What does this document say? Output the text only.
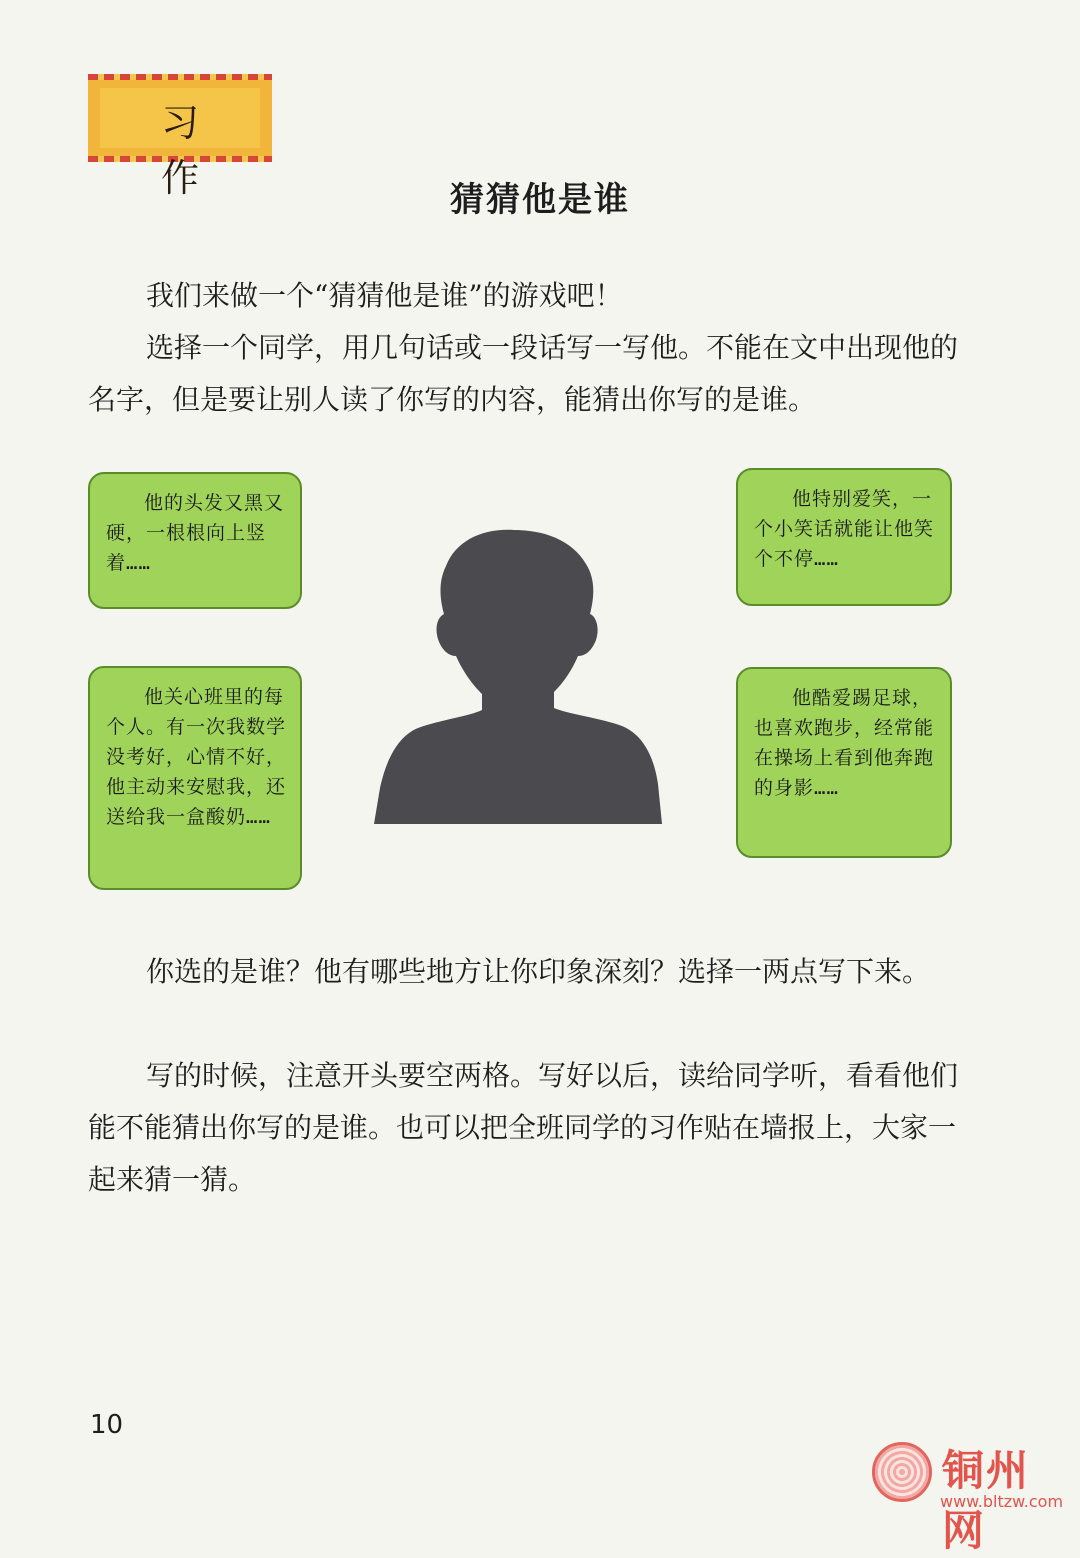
习 作	猜猜他是谁

我们来做一个“猜猜他是谁”的游戏吧！

选择一个同学，用几句话或一段话写一写他。不能在文中出现他的名字，但是要让别人读了你写的内容，能猜出你写的是谁。

他的头发又黑又硬，一根根向上竖着……
他特别爱笑，一个小笑话就能让他笑个不停……
他关心班里的每个人。有一次我数学没考好，心情不好，他主动来安慰我，还送给我一盒酸奶……
他酷爱踢足球，也喜欢跑步，经常能在操场上看到他奔跑的身影……

你选的是谁？他有哪些地方让你印象深刻？选择一两点写下来。

写的时候，注意开头要空两格。写好以后，读给同学听，看看他们能不能猜出你写的是谁。也可以把全班同学的习作贴在墙报上，大家一起来猜一猜。

10
铜州网
www.bltzw.com
